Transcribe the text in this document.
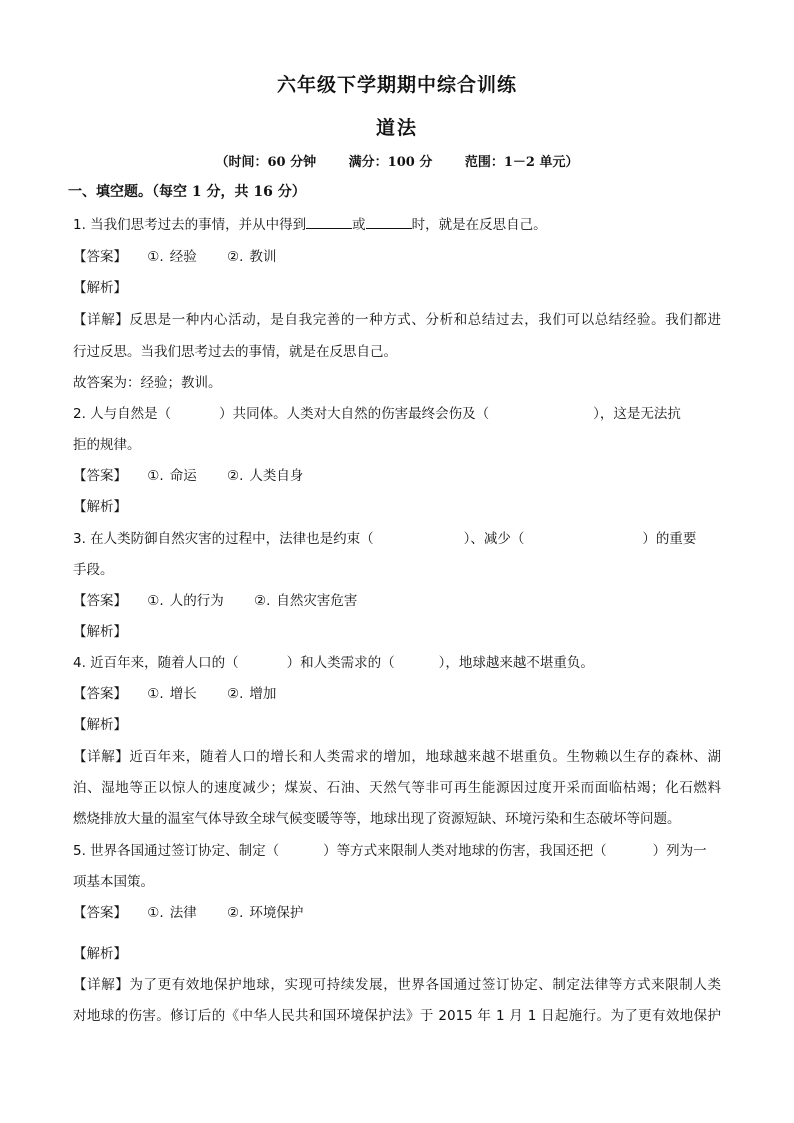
六年级下学期期中综合训练
道法
（时间：60 分钟	满分：100 分	范围：1－2 单元）
一、填空题。（每空 1 分，共 16 分）
1. 当我们思考过去的事情，并从中得到	或	时，就是在反思自己。
【答案】 ①. 经验 ②. 教训
【解析】
【详解】反思是一种内心活动，是自我完善的一种方式、分析和总结过去，我们可以总结经验。我们都进
行过反思。当我们思考过去的事情，就是在反思自己。
故答案为：经验；教训。
2. 人与自然是（	）共同体。人类对大自然的伤害最终会伤及（	），这是无法抗
拒的规律。
【答案】 ①. 命运 ②. 人类自身
【解析】
3. 在人类防御自然灾害的过程中，法律也是约束（	）、减少（	）的重要
手段。
【答案】 ①. 人的行为 ②. 自然灾害危害
【解析】
4. 近百年来，随着人口的（	）和人类需求的（	），地球越来越不堪重负。
【答案】 ①. 增长 ②. 增加
【解析】
【详解】近百年来，随着人口的增长和人类需求的增加，地球越来越不堪重负。生物赖以生存的森林、湖
泊、湿地等正以惊人的速度减少；煤炭、石油、天然气等非可再生能源因过度开采而面临枯竭；化石燃料
燃烧排放大量的温室气体导致全球气候变暖等等，地球出现了资源短缺、环境污染和生态破坏等问题。
5. 世界各国通过签订协定、制定（	）等方式来限制人类对地球的伤害，我国还把（	）列为一
项基本国策。
【答案】 ①. 法律 ②. 环境保护
【解析】
【详解】为了更有效地保护地球，实现可持续发展，世界各国通过签订协定、制定法律等方式来限制人类
对地球的伤害。修订后的《中华人民共和国环境保护法》于 2015 年 1 月 1 日起施行。为了更有效地保护
